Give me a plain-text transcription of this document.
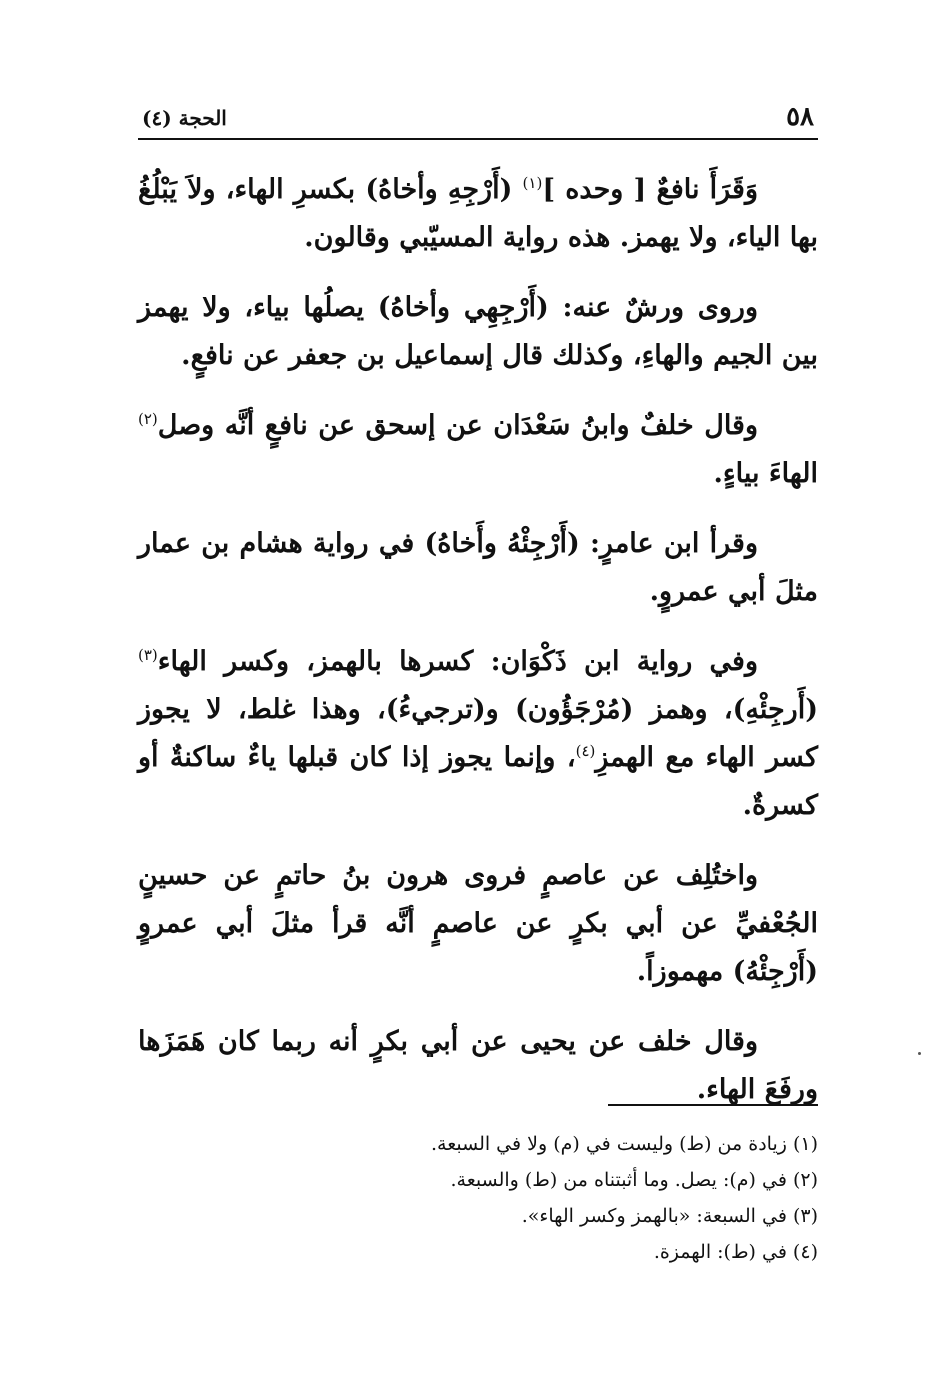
٥٨
الحجة (٤)

وَقَرَأَ نافعٌ [ وحده ]$^{(١)}$ (أَرْجِهِ وأخاهُ) بكسرِ الهاء، ولاَ يَبْلُغُ بها الياء، ولا يهمز. هذه رواية المسيّبي وقالون.

وروى ورشٌ عنه: (أَرْجِهِي وأخاهُ) يصلُها بياء، ولا يهمز بين الجيم والهاءِ، وكذلك قال إسماعيل بن جعفر عن نافعٍ.

وقال خلفٌ وابنُ سَعْدَان عن إسحق عن نافعٍ أنَّه وصل$^{(٢)}$ الهاءَ بياءٍ.

وقرأ ابن عامرٍ: (أَرْجِئْهُ وأَخاهُ) في رواية هشام بن عمار مثلَ أبي عمروٍ.

وفي رواية ابن ذَكْوَان: كسرها بالهمز، وكسر الهاء$^{(٣)}$ (أَرجِئْهِ)، وهمز (مُرْجَؤُون) و(ترجيءُ)، وهذا غلط، لا يجوز كسر الهاء مع الهمزِ$^{(٤)}$، وإنما يجوز إذا كان قبلها ياءٌ ساكنةٌ أو كسرةٌ.

واختُلِف عن عاصمٍ فروى هرون بنُ حاتمٍ عن حسينٍ الجُعْفيِّ عن أبي بكرٍ عن عاصمٍ أنَّه قرأ مثلَ أبي عمروٍ (أَرْجِئْهُ) مهموزاً.

وقال خلف عن يحيى عن أبي بكرٍ أنه ربما كان هَمَزَها ورفَعَ الهاء.

(١) زيادة من (ط) وليست في (م) ولا في السبعة.

(٢) في (م): يصل. وما أثبتناه من (ط) والسبعة.

(٣) في السبعة: «بالهمز وكسر الهاء».

(٤) في (ط): الهمزة.
